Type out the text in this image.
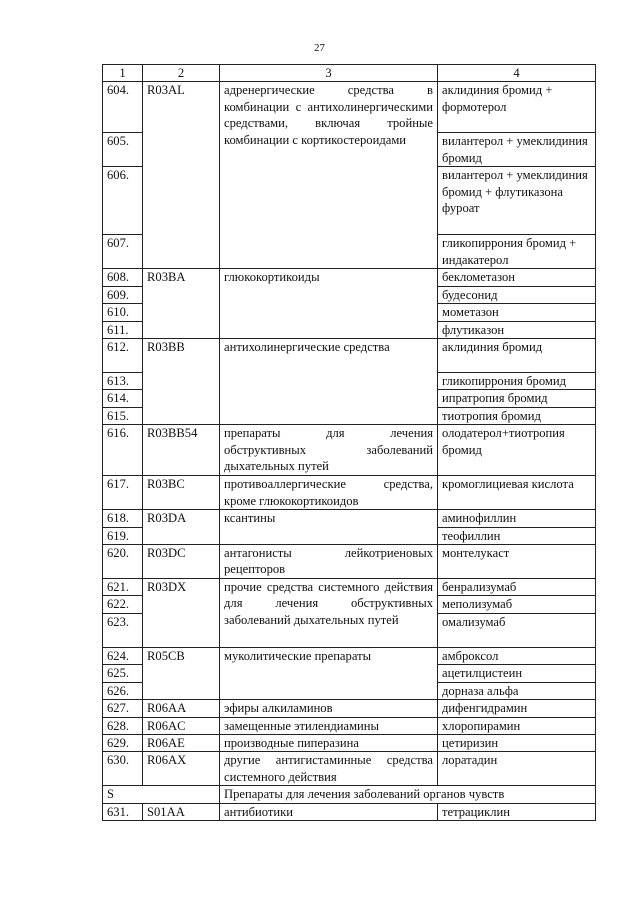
27
1	2	3	4
604.	R03AL	адренергические средства в комбинации с антихолинергическими средствами, включая тройные комбинации с кортикостероидами	аклидиния бромид + формотерол
605.			вилантерол + умеклидиния бромид
606.			вилантерол + умеклидиния бромид + флутиказона фуроат
607.			гликопиррония бромид + индакатерол
608.	R03BA	глюкокортикоиды	беклометазон
609.			будесонид
610.			мометазон
611.			флутиказон
612.	R03BB	антихолинергические средства	аклидиния бромид
613.			гликопиррония бромид
614.			ипратропия бромид
615.			тиотропия бромид
616.	R03BB54	препараты для лечения обструктивных заболеваний дыхательных путей	олодатерол+тиотропия бромид
617.	R03BC	противоаллергические средства, кроме глюкокортикоидов	кромоглициевая кислота
618.	R03DA	ксантины	аминофиллин
619.			теофиллин
620.	R03DC	антагонисты лейкотриеновых рецепторов	монтелукаст
621.	R03DX	прочие средства системного действия для лечения обструктивных заболеваний дыхательных путей	бенрализумаб
622.			меполизумаб
623.			омализумаб
624.	R05CB	муколитические препараты	амброксол
625.			ацетилцистеин
626.			дорназа альфа
627.	R06AA	эфиры алкиламинов	дифенгидрамин
628.	R06AC	замещенные этилендиамины	хлоропирамин
629.	R06AE	производные пиперазина	цетиризин
630.	R06AX	другие антигистаминные средства системного действия	лоратадин
S		Препараты для лечения заболеваний органов чувств	
631.	S01AA	антибиотики	тетрациклин
